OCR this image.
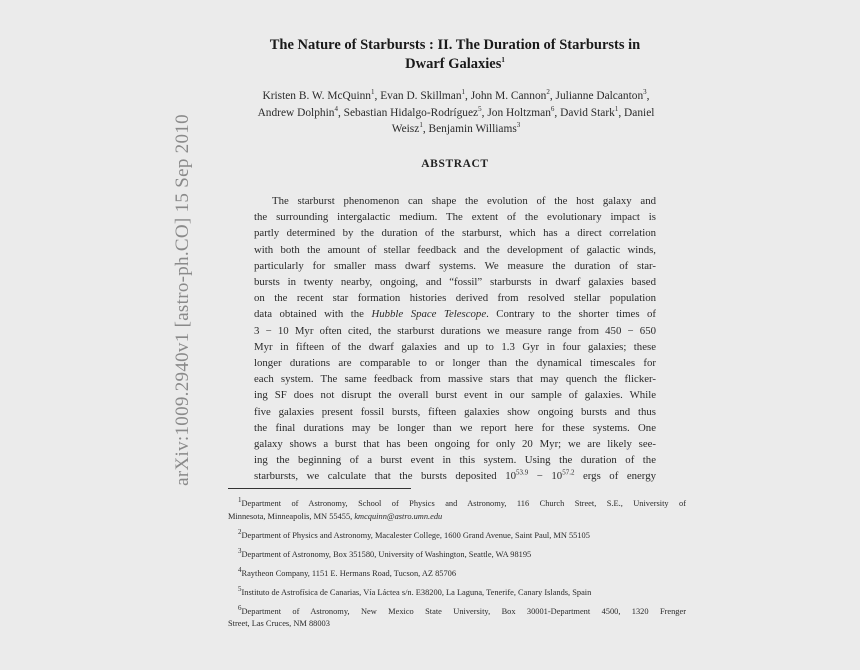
arXiv:1009.2940v1 [astro-ph.CO] 15 Sep 2010
The Nature of Starbursts : II. The Duration of Starbursts in
Dwarf Galaxies$^1$
Kristen B. W. McQuinn$^1$, Evan D. Skillman$^1$, John M. Cannon$^2$, Julianne Dalcanton$^3$,
Andrew Dolphin$^4$, Sebastian Hidalgo-Rodríguez$^5$, Jon Holtzman$^6$, David Stark$^1$, Daniel
Weisz$^1$, Benjamin Williams$^3$
ABSTRACT
The starburst phenomenon can shape the evolution of the host galaxy and
the surrounding intergalactic medium. The extent of the evolutionary impact is
partly determined by the duration of the starburst, which has a direct correlation
with both the amount of stellar feedback and the development of galactic winds,
particularly for smaller mass dwarf systems. We measure the duration of star-
bursts in twenty nearby, ongoing, and “fossil” starbursts in dwarf galaxies based
on the recent star formation histories derived from resolved stellar population
data obtained with the Hubble Space Telescope. Contrary to the shorter times of
3 − 10 Myr often cited, the starburst durations we measure range from 450 − 650
Myr in fifteen of the dwarf galaxies and up to 1.3 Gyr in four galaxies; these
longer durations are comparable to or longer than the dynamical timescales for
each system. The same feedback from massive stars that may quench the flicker-
ing SF does not disrupt the overall burst event in our sample of galaxies. While
five galaxies present fossil bursts, fifteen galaxies show ongoing bursts and thus
the final durations may be longer than we report here for these systems. One
galaxy shows a burst that has been ongoing for only 20 Myr; we are likely see-
ing the beginning of a burst event in this system. Using the duration of the
starbursts, we calculate that the bursts deposited $10^{53.9} - 10^{57.2}$ ergs of energy
$^1$Department of Astronomy, School of Physics and Astronomy, 116 Church Street, S.E., University of
Minnesota, Minneapolis, MN 55455, kmcquinn@astro.umn.edu
$^2$Department of Physics and Astronomy, Macalester College, 1600 Grand Avenue, Saint Paul, MN 55105
$^3$Department of Astronomy, Box 351580, University of Washington, Seattle, WA 98195
$^4$Raytheon Company, 1151 E. Hermans Road, Tucson, AZ 85706
$^5$Instituto de Astrofísica de Canarias, Vía Láctea s/n. E38200, La Laguna, Tenerife, Canary Islands, Spain
$^6$Department of Astronomy, New Mexico State University, Box 30001-Department 4500, 1320 Frenger
Street, Las Cruces, NM 88003
